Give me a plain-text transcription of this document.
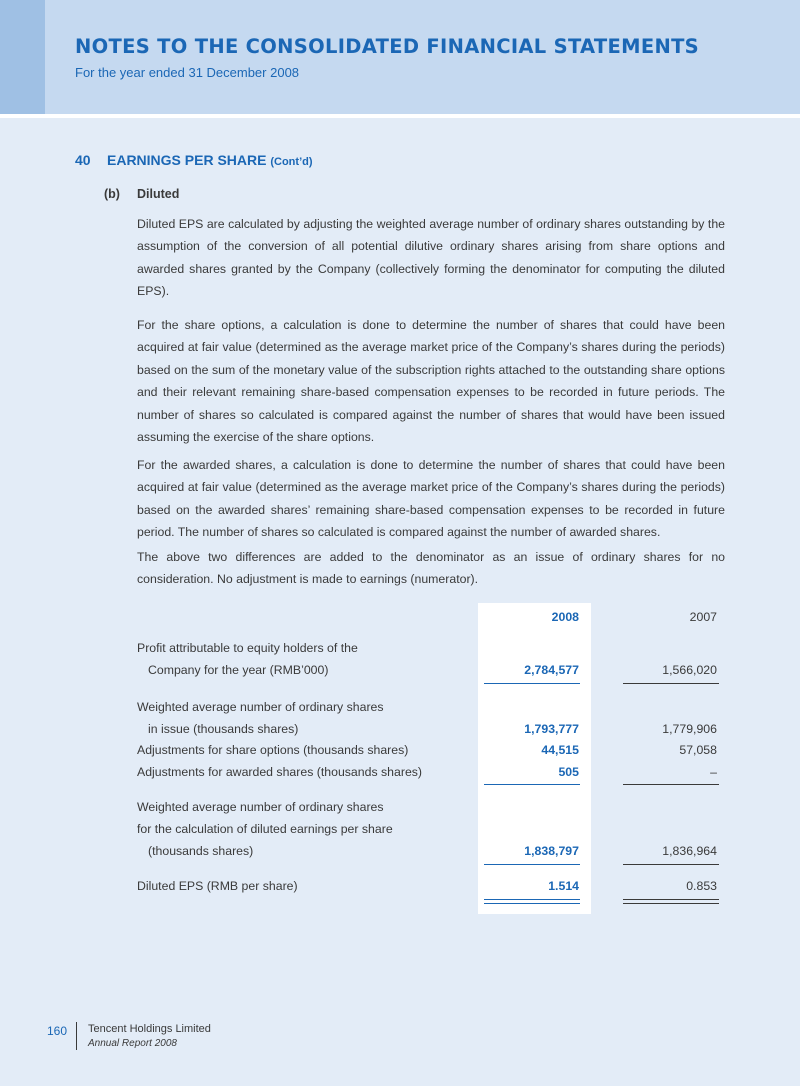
NOTES TO THE CONSOLIDATED FINANCIAL STATEMENTS
For the year ended 31 December 2008
40 EARNINGS PER SHARE (Cont’d)
(b) Diluted

Diluted EPS are calculated by adjusting the weighted average number of ordinary shares outstanding by the assumption of the conversion of all potential dilutive ordinary shares arising from share options and awarded shares granted by the Company (collectively forming the denominator for computing the diluted EPS).

For the share options, a calculation is done to determine the number of shares that could have been acquired at fair value (determined as the average market price of the Company’s shares during the periods) based on the sum of the monetary value of the subscription rights attached to the outstanding share options and their relevant remaining share-based compensation expenses to be recorded in future periods. The number of shares so calculated is compared against the number of shares that would have been issued assuming the exercise of the share options.

For the awarded shares, a calculation is done to determine the number of shares that could have been acquired at fair value (determined as the average market price of the Company’s shares during the periods) based on the awarded shares’ remaining share-based compensation expenses to be recorded in future period. The number of shares so calculated is compared against the number of awarded shares.

The above two differences are added to the denominator as an issue of ordinary shares for no consideration. No adjustment is made to earnings (numerator).

2008	2007
Profit attributable to equity holders of the
Company for the year (RMB’000)	2,784,577	1,566,020
Weighted average number of ordinary shares
in issue (thousands shares)	1,793,777	1,779,906
Adjustments for share options (thousands shares)	44,515	57,058
Adjustments for awarded shares (thousands shares)	505	–
Weighted average number of ordinary shares
for the calculation of diluted earnings per share
(thousands shares)	1,838,797	1,836,964
Diluted EPS (RMB per share)	1.514	0.853
160 Tencent Holdings Limited
Annual Report 2008
